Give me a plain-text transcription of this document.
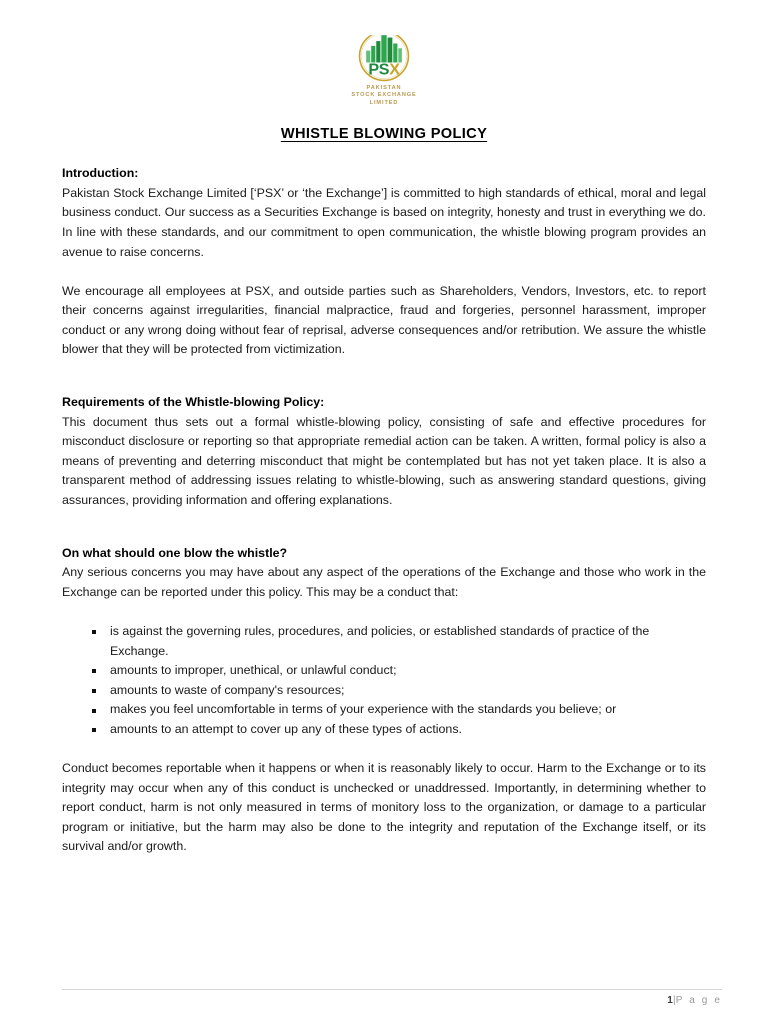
PSX
PAKISTAN
STOCK EXCHANGE
LIMITED
WHISTLE BLOWING POLICY
Introduction:

Pakistan Stock Exchange Limited [‘PSX’ or ‘the Exchange’] is committed to high standards of ethical, moral and legal business conduct. Our success as a Securities Exchange is based on integrity, honesty and trust in everything we do. In line with these standards, and our commitment to open communication, the whistle blowing program provides an avenue to raise concerns.

We encourage all employees at PSX, and outside parties such as Shareholders, Vendors, Investors, etc. to report their concerns against irregularities, financial malpractice, fraud and forgeries, personnel harassment, improper conduct or any wrong doing without fear of reprisal, adverse consequences and/or retribution. We assure the whistle blower that they will be protected from victimization.

Requirements of the Whistle-blowing Policy:

This document thus sets out a formal whistle-blowing policy, consisting of safe and effective procedures for misconduct disclosure or reporting so that appropriate remedial action can be taken. A written, formal policy is also a means of preventing and deterring misconduct that might be contemplated but has not yet taken place. It is also a transparent method of addressing issues relating to whistle-blowing, such as answering standard questions, giving assurances, providing information and offering explanations.

On what should one blow the whistle?

Any serious concerns you may have about any aspect of the operations of the Exchange and those who work in the Exchange can be reported under this policy. This may be a conduct that:

is against the governing rules, procedures, and policies, or established standards of practice of the Exchange.
amounts to improper, unethical, or unlawful conduct;
amounts to waste of company's resources;
makes you feel uncomfortable in terms of your experience with the standards you believe; or
amounts to an attempt to cover up any of these types of actions.

Conduct becomes reportable when it happens or when it is reasonably likely to occur. Harm to the Exchange or to its integrity may occur when any of this conduct is unchecked or unaddressed. Importantly, in determining whether to report conduct, harm is not only measured in terms of monitory loss to the organization, or damage to a particular program or initiative, but the harm may also be done to the integrity and reputation of the Exchange itself, or its survival and/or growth.

1|P a g e
